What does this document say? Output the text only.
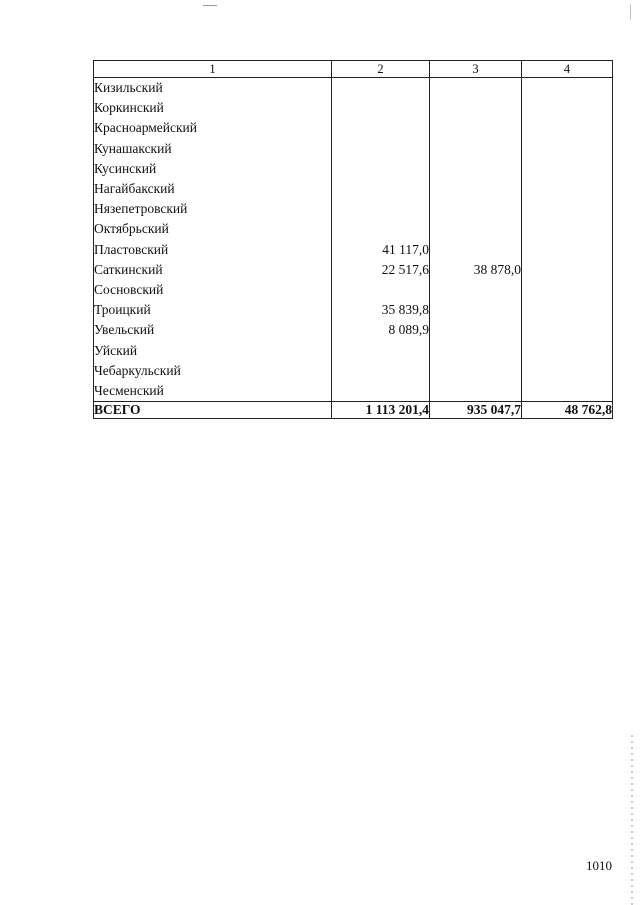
1	2	3	4
Кизильский			
Коркинский			
Красноармейский			
Кунашакский			
Кусинский			
Нагайбакский			
Нязепетровский			
Октябрьский			
Пластовский	41 117,0		
Саткинский	22 517,6	38 878,0	
Сосновский			
Троицкий	35 839,8		
Увельский	8 089,9		
Уйский			
Чебаркульский			
Чесменский			
ВСЕГО	1 113 201,4	935 047,7	48 762,8
1010
